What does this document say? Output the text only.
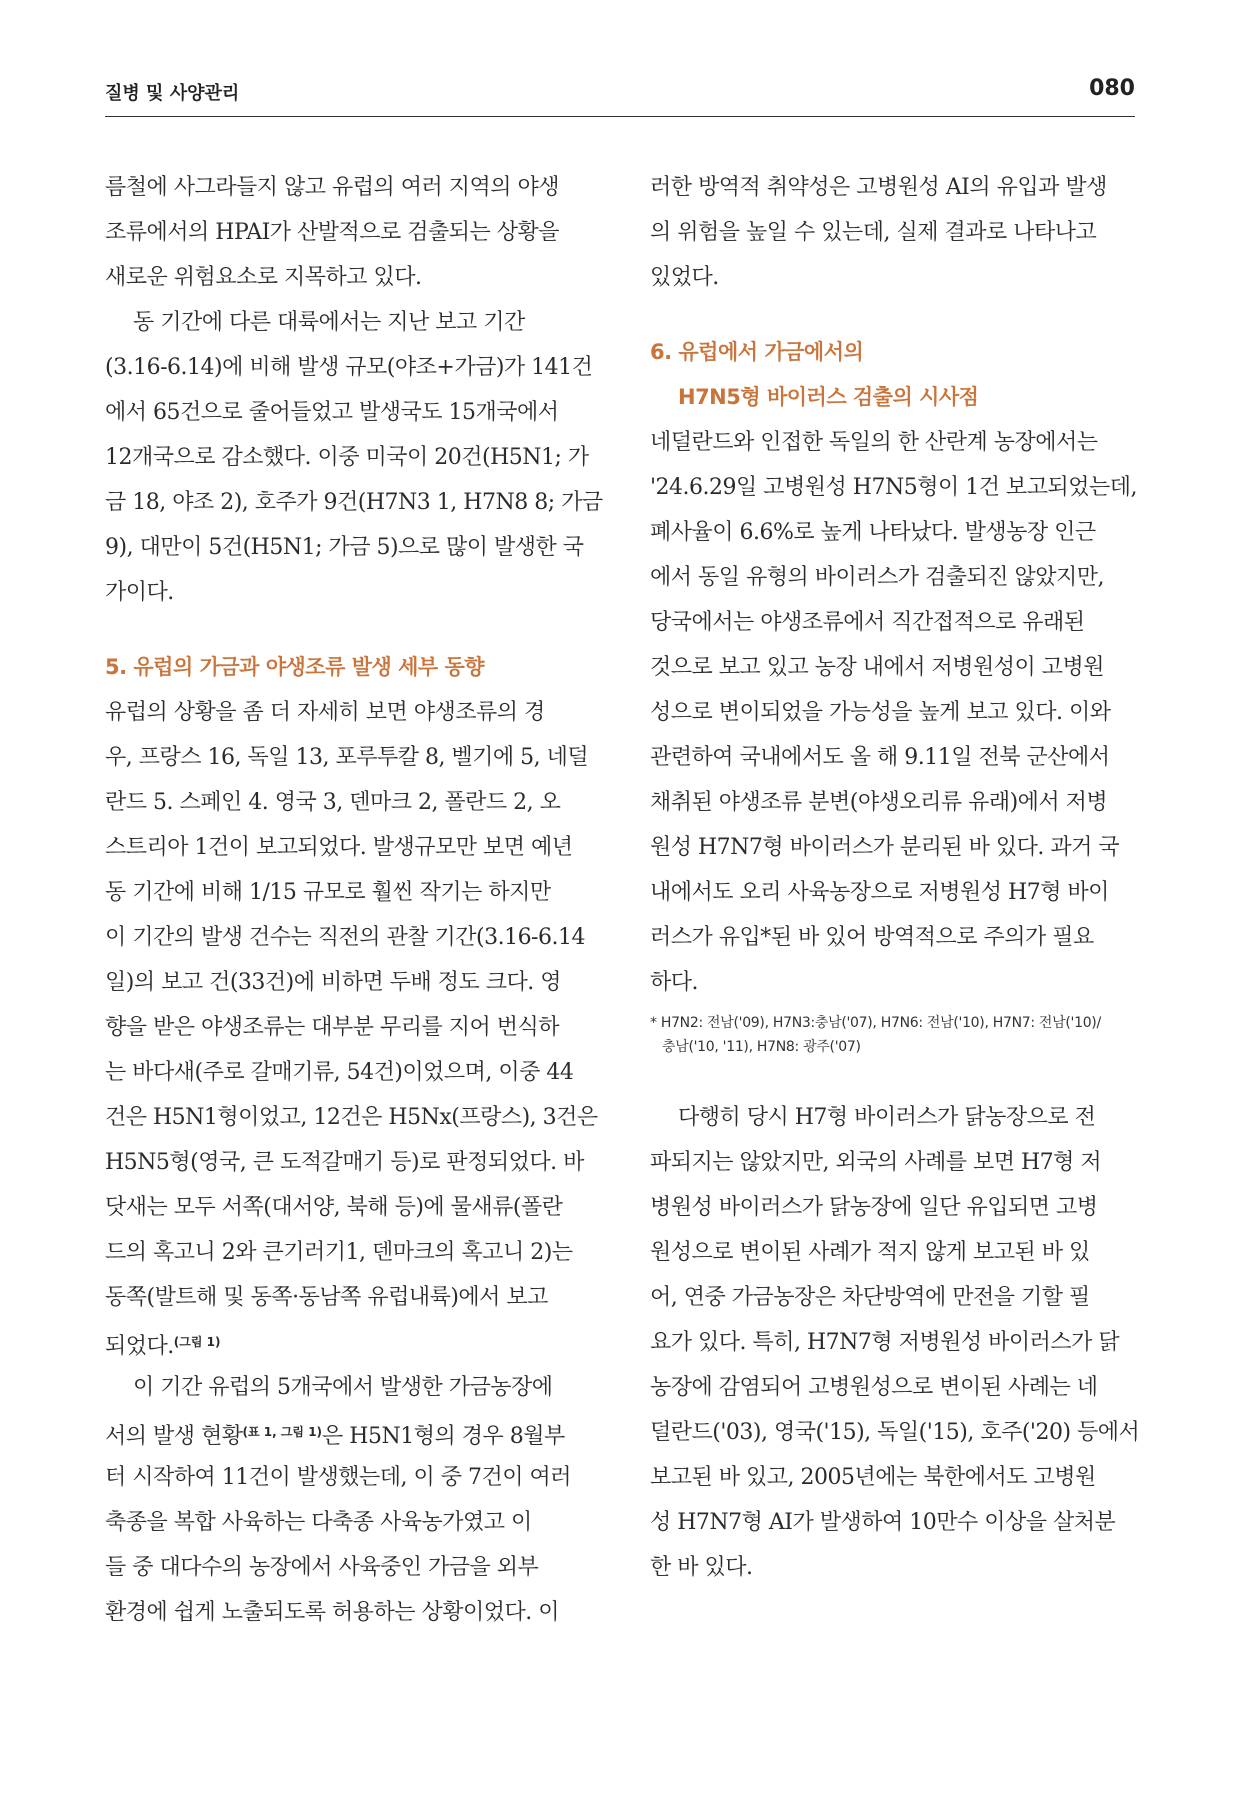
질병 및 사양관리	080
름철에 사그라들지 않고 유럽의 여러 지역의 야생
조류에서의 HPAI가 산발적으로 검출되는 상황을
새로운 위험요소로 지목하고 있다.
동 기간에 다른 대륙에서는 지난 보고 기간
(3.16-6.14)에 비해 발생 규모(야조+가금)가 141건
에서 65건으로 줄어들었고 발생국도 15개국에서
12개국으로 감소했다. 이중 미국이 20건(H5N1; 가
금 18, 야조 2), 호주가 9건(H7N3 1, H7N8 8; 가금
9), 대만이 5건(H5N1; 가금 5)으로 많이 발생한 국
가이다.
5. 유럽의 가금과 야생조류 발생 세부 동향
유럽의 상황을 좀 더 자세히 보면 야생조류의 경
우, 프랑스 16, 독일 13, 포루투칼 8, 벨기에 5, 네덜
란드 5. 스페인 4. 영국 3, 덴마크 2, 폴란드 2, 오
스트리아 1건이 보고되었다. 발생규모만 보면 예년
동 기간에 비해 1/15 규모로 훨씬 작기는 하지만
이 기간의 발생 건수는 직전의 관찰 기간(3.16-6.14
일)의 보고 건(33건)에 비하면 두배 정도 크다. 영
향을 받은 야생조류는 대부분 무리를 지어 번식하
는 바다새(주로 갈매기류, 54건)이었으며, 이중 44
건은 H5N1형이었고, 12건은 H5Nx(프랑스), 3건은
H5N5형(영국, 큰 도적갈매기 등)로 판정되었다. 바
닷새는 모두 서쪽(대서양, 북해 등)에 물새류(폴란
드의 혹고니 2와 큰기러기1, 덴마크의 혹고니 2)는
동쪽(발트해 및 동쪽·동남쪽 유럽내륙)에서 보고
되었다.$^{(그림 1)}$
이 기간 유럽의 5개국에서 발생한 가금농장에
서의 발생 현황$^{(표 1, 그림 1)}$은 H5N1형의 경우 8월부
터 시작하여 11건이 발생했는데, 이 중 7건이 여러
축종을 복합 사육하는 다축종 사육농가였고 이
들 중 대다수의 농장에서 사육중인 가금을 외부
환경에 쉽게 노출되도록 허용하는 상황이었다. 이
러한 방역적 취약성은 고병원성 AI의 유입과 발생
의 위험을 높일 수 있는데, 실제 결과로 나타나고
있었다.
6. 유럽에서 가금에서의
H7N5형 바이러스 검출의 시사점
네덜란드와 인접한 독일의 한 산란계 농장에서는
'24.6.29일 고병원성 H7N5형이 1건 보고되었는데,
폐사율이 6.6%로 높게 나타났다. 발생농장 인근
에서 동일 유형의 바이러스가 검출되진 않았지만,
당국에서는 야생조류에서 직간접적으로 유래된
것으로 보고 있고 농장 내에서 저병원성이 고병원
성으로 변이되었을 가능성을 높게 보고 있다. 이와
관련하여 국내에서도 올 해 9.11일 전북 군산에서
채취된 야생조류 분변(야생오리류 유래)에서 저병
원성 H7N7형 바이러스가 분리된 바 있다. 과거 국
내에서도 오리 사육농장으로 저병원성 H7형 바이
러스가 유입*된 바 있어 방역적으로 주의가 필요
하다.
* H7N2: 전남('09), H7N3:충남('07), H7N6: 전남('10), H7N7: 전남('10)/
충남('10, '11), H7N8: 광주('07)
다행히 당시 H7형 바이러스가 닭농장으로 전
파되지는 않았지만, 외국의 사례를 보면 H7형 저
병원성 바이러스가 닭농장에 일단 유입되면 고병
원성으로 변이된 사례가 적지 않게 보고된 바 있
어, 연중 가금농장은 차단방역에 만전을 기할 필
요가 있다. 특히, H7N7형 저병원성 바이러스가 닭
농장에 감염되어 고병원성으로 변이된 사례는 네
덜란드('03), 영국('15), 독일('15), 호주('20) 등에서
보고된 바 있고, 2005년에는 북한에서도 고병원
성 H7N7형 AI가 발생하여 10만수 이상을 살처분
한 바 있다.
